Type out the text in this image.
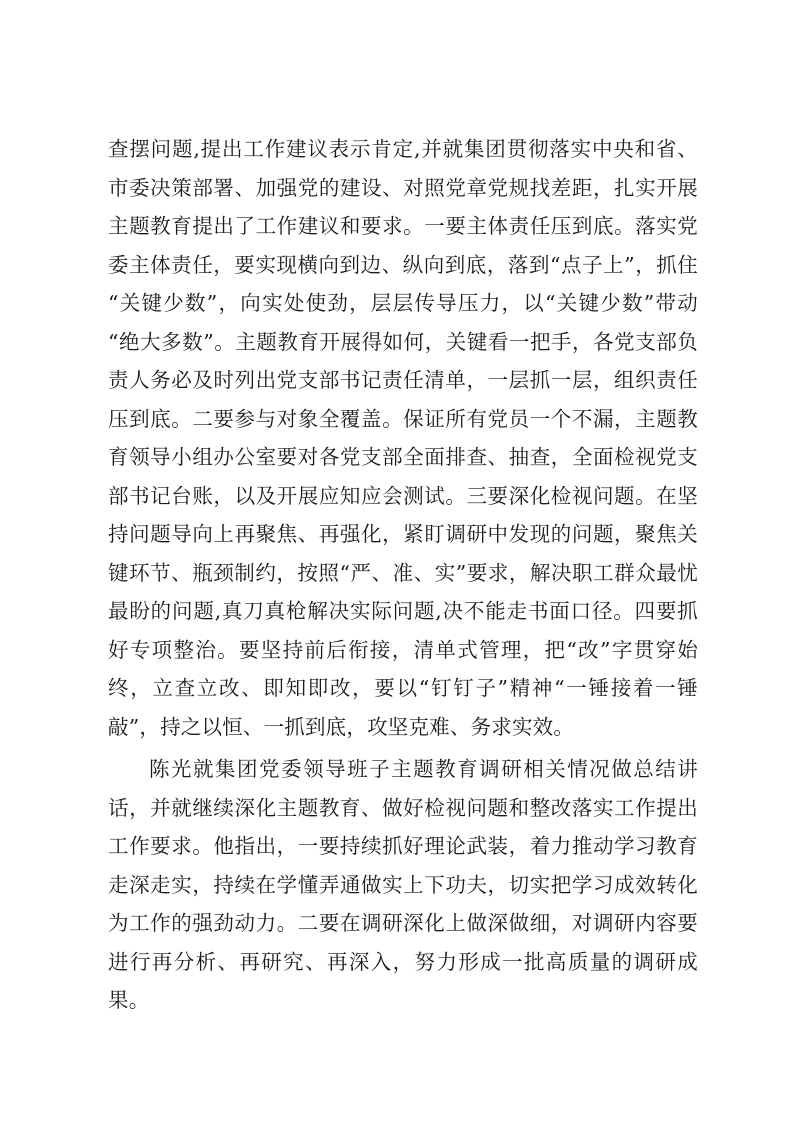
查摆问题,提出工作建议表示肯定,并就集团贯彻落实中央和省、市委决策部署、加强党的建设、对照党章党规找差距，扎实开展主题教育提出了工作建议和要求。一要主体责任压到底。落实党委主体责任，要实现横向到边、纵向到底，落到“点子上”，抓住“关键少数”，向实处使劲，层层传导压力，以“关键少数”带动“绝大多数”。主题教育开展得如何，关键看一把手，各党支部负责人务必及时列出党支部书记责任清单，一层抓一层，组织责任压到底。二要参与对象全覆盖。保证所有党员一个不漏，主题教育领导小组办公室要对各党支部全面排查、抽查，全面检视党支部书记台账，以及开展应知应会测试。三要深化检视问题。在坚持问题导向上再聚焦、再强化，紧盯调研中发现的问题，聚焦关键环节、瓶颈制约，按照“严、准、实”要求，解决职工群众最忧最盼的问题,真刀真枪解决实际问题,决不能走书面口径。四要抓好专项整治。要坚持前后衔接，清单式管理，把“改”字贯穿始终，立查立改、即知即改，要以“钉钉子”精神“一锤接着一锤敲”，持之以恒、一抓到底，攻坚克难、务求实效。

陈光就集团党委领导班子主题教育调研相关情况做总结讲话，并就继续深化主题教育、做好检视问题和整改落实工作提出工作要求。他指出，一要持续抓好理论武装，着力推动学习教育走深走实，持续在学懂弄通做实上下功夫，切实把学习成效转化为工作的强劲动力。二要在调研深化上做深做细，对调研内容要进行再分析、再研究、再深入，努力形成一批高质量的调研成果。
